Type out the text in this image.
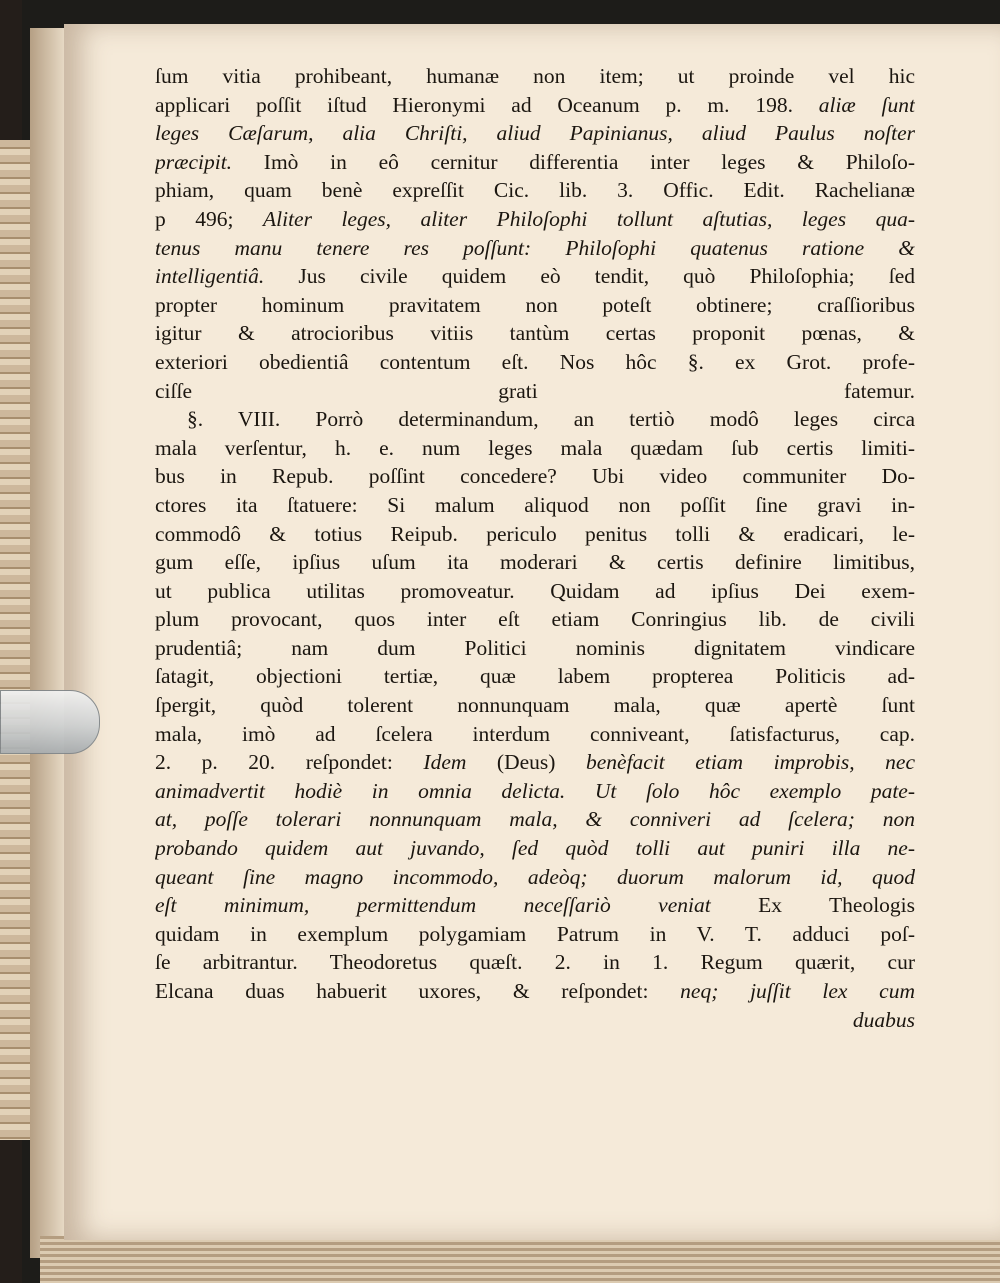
ſum vitia prohibeant, humanæ non item; ut proinde vel hic
applicari poſſit iſtud Hieronymi ad Oceanum p. m. 198. aliæ ſunt
leges Cæſarum, alia Chriſti, aliud Papinianus, aliud Paulus noſter
præcipit. Imò in eô cernitur differentia inter leges & Philoſo-
phiam, quam benè expreſſit Cic. lib. 3. Offic. Edit. Rachelianæ
p 496; Aliter leges, aliter Philoſophi tollunt aſtutias, leges qua-
tenus manu tenere res poſſunt: Philoſophi quatenus ratione &
intelligentiâ. Jus civile quidem eò tendit, quò Philoſophia; ſed
propter hominum pravitatem non poteſt obtinere; craſſioribus
igitur & atrocioribus vitiis tantùm certas proponit pœnas, &
exteriori obedientiâ contentum eſt. Nos hôc §. ex Grot. profe-
ciſſe grati fatemur.
§. VIII. Porrò determinandum, an tertiò modô leges circa
mala verſentur, h. e. num leges mala quædam ſub certis limiti-
bus in Repub. poſſint concedere? Ubi video communiter Do-
ctores ita ſtatuere: Si malum aliquod non poſſit ſine gravi in-
commodô & totius Reipub. periculo penitus tolli & eradicari, le-
gum eſſe, ipſius uſum ita moderari & certis definire limitibus,
ut publica utilitas promoveatur. Quidam ad ipſius Dei exem-
plum provocant, quos inter eſt etiam Conringius lib. de civili
prudentiâ; nam dum Politici nominis dignitatem vindicare
ſatagit, objectioni tertiæ, quæ labem propterea Politicis ad-
ſpergit, quòd tolerent nonnunquam mala, quæ apertè ſunt
mala, imò ad ſcelera interdum conniveant, ſatisfacturus, cap.
2. p. 20. reſpondet: Idem (Deus) benèfacit etiam improbis, nec
animadvertit hodiè in omnia delicta. Ut ſolo hôc exemplo pate-
at, poſſe tolerari nonnunquam mala, & conniveri ad ſcelera; non
probando quidem aut juvando, ſed quòd tolli aut puniri illa ne-
queant ſine magno incommodo, adeòq; duorum malorum id, quod
eſt minimum, permittendum neceſſariò veniat Ex Theologis
quidam in exemplum polygamiam Patrum in V. T. adduci poſ-
ſe arbitrantur. Theodoretus quæſt. 2. in 1. Regum quærit, cur
Elcana duas habuerit uxores, & reſpondet: neq; juſſit lex cum
duabus
